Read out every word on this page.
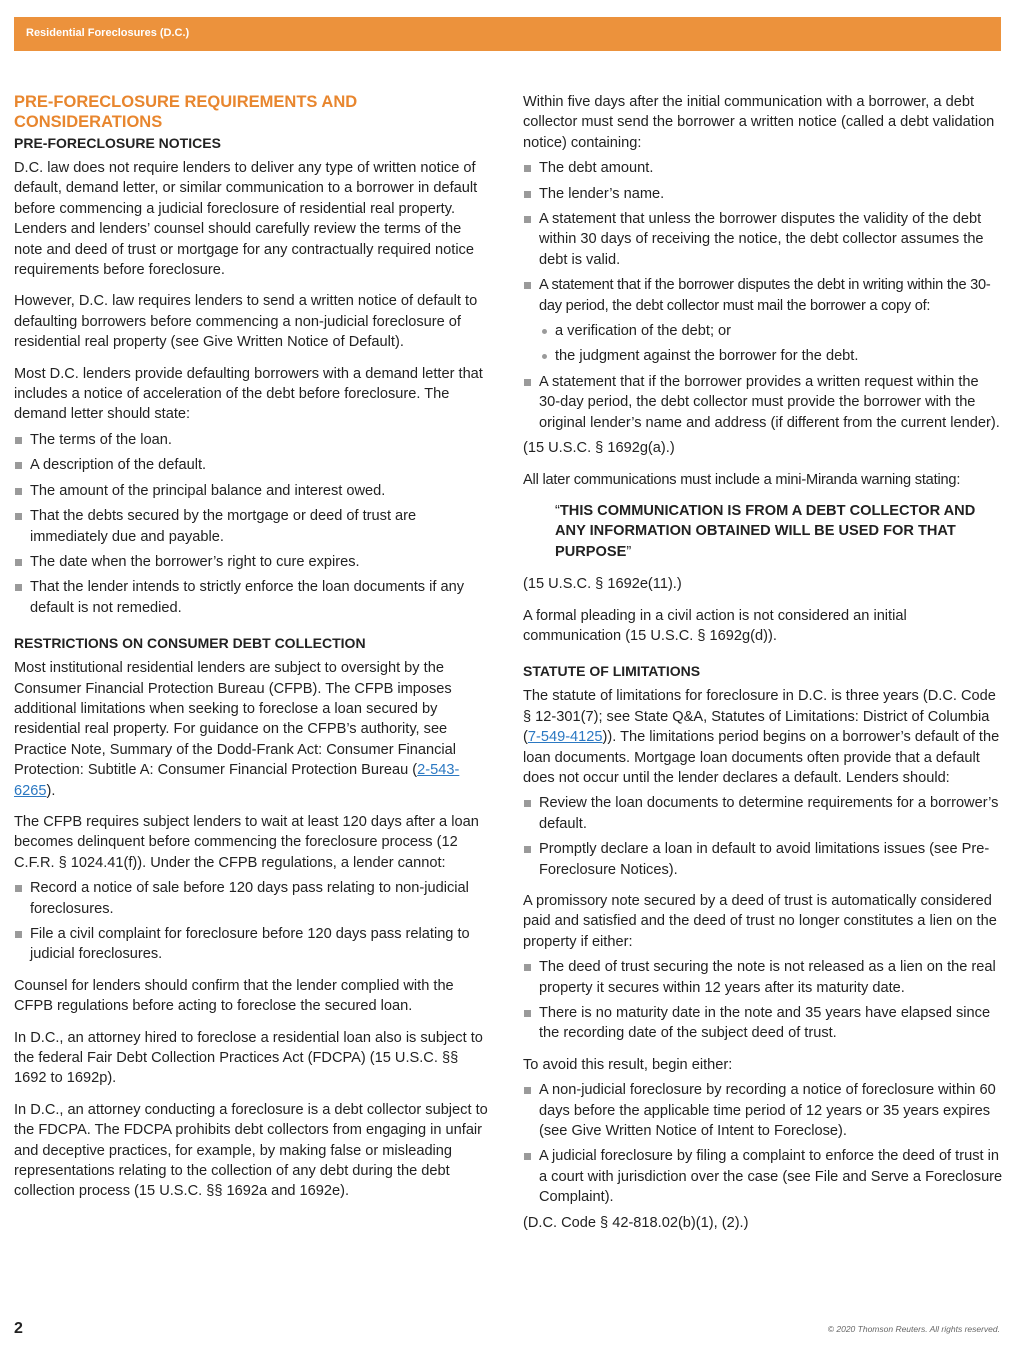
Residential Foreclosures (D.C.)
PRE-FORECLOSURE REQUIREMENTS AND CONSIDERATIONS
PRE-FORECLOSURE NOTICES

D.C. law does not require lenders to deliver any type of written notice of default, demand letter, or similar communication to a borrower in default before commencing a judicial foreclosure of residential real property. Lenders and lenders’ counsel should carefully review the terms of the note and deed of trust or mortgage for any contractually required notice requirements before foreclosure.

However, D.C. law requires lenders to send a written notice of default to defaulting borrowers before commencing a non-judicial foreclosure of residential real property (see Give Written Notice of Default).

Most D.C. lenders provide defaulting borrowers with a demand letter that includes a notice of acceleration of the debt before foreclosure. The demand letter should state:

The terms of the loan.
A description of the default.
The amount of the principal balance and interest owed.
That the debts secured by the mortgage or deed of trust are immediately due and payable.
The date when the borrower’s right to cure expires.
That the lender intends to strictly enforce the loan documents if any default is not remedied.
RESTRICTIONS ON CONSUMER DEBT COLLECTION

Most institutional residential lenders are subject to oversight by the Consumer Financial Protection Bureau (CFPB). The CFPB imposes additional limitations when seeking to foreclose a loan secured by residential real property. For guidance on the CFPB’s authority, see Practice Note, Summary of the Dodd-Frank Act: Consumer Financial Protection: Subtitle A: Consumer Financial Protection Bureau (2-543-6265).

The CFPB requires subject lenders to wait at least 120 days after a loan becomes delinquent before commencing the foreclosure process (12 C.F.R. § 1024.41(f)). Under the CFPB regulations, a lender cannot:

Record a notice of sale before 120 days pass relating to non-judicial foreclosures.
File a civil complaint for foreclosure before 120 days pass relating to judicial foreclosures.

Counsel for lenders should confirm that the lender complied with the CFPB regulations before acting to foreclose the secured loan.

In D.C., an attorney hired to foreclose a residential loan also is subject to the federal Fair Debt Collection Practices Act (FDCPA) (15 U.S.C. §§ 1692 to 1692p).

In D.C., an attorney conducting a foreclosure is a debt collector subject to the FDCPA. The FDCPA prohibits debt collectors from engaging in unfair and deceptive practices, for example, by making false or misleading representations relating to the collection of any debt during the debt collection process (15 U.S.C. §§ 1692a and 1692e).

Within five days after the initial communication with a borrower, a debt collector must send the borrower a written notice (called a debt validation notice) containing:

The debt amount.
The lender’s name.
A statement that unless the borrower disputes the validity of the debt within 30 days of receiving the notice, the debt collector assumes the debt is valid.
A statement that if the borrower disputes the debt in writing within the 30-day period, the debt collector must mail the borrower a copy of:
a verification of the debt; or
the judgment against the borrower for the debt.
A statement that if the borrower provides a written request within the 30-day period, the debt collector must provide the borrower with the original lender’s name and address (if different from the current lender).

(15 U.S.C. § 1692g(a).)

All later communications must include a mini-Miranda warning stating:

“THIS COMMUNICATION IS FROM A DEBT COLLECTOR AND ANY INFORMATION OBTAINED WILL BE USED FOR THAT PURPOSE”

(15 U.S.C. § 1692e(11).)

A formal pleading in a civil action is not considered an initial communication (15 U.S.C. § 1692g(d)).

STATUTE OF LIMITATIONS

The statute of limitations for foreclosure in D.C. is three years (D.C. Code § 12-301(7); see State Q&A, Statutes of Limitations: District of Columbia (7-549-4125)). The limitations period begins on a borrower’s default of the loan documents. Mortgage loan documents often provide that a default does not occur until the lender declares a default. Lenders should:

Review the loan documents to determine requirements for a borrower’s default.
Promptly declare a loan in default to avoid limitations issues (see Pre-Foreclosure Notices).

A promissory note secured by a deed of trust is automatically considered paid and satisfied and the deed of trust no longer constitutes a lien on the property if either:

The deed of trust securing the note is not released as a lien on the real property it secures within 12 years after its maturity date.
There is no maturity date in the note and 35 years have elapsed since the recording date of the subject deed of trust.

To avoid this result, begin either:

A non-judicial foreclosure by recording a notice of foreclosure within 60 days before the applicable time period of 12 years or 35 years expires (see Give Written Notice of Intent to Foreclose).
A judicial foreclosure by filing a complaint to enforce the deed of trust in a court with jurisdiction over the case (see File and Serve a Foreclosure Complaint).

(D.C. Code § 42-818.02(b)(1), (2).)

2	© 2020 Thomson Reuters. All rights reserved.
